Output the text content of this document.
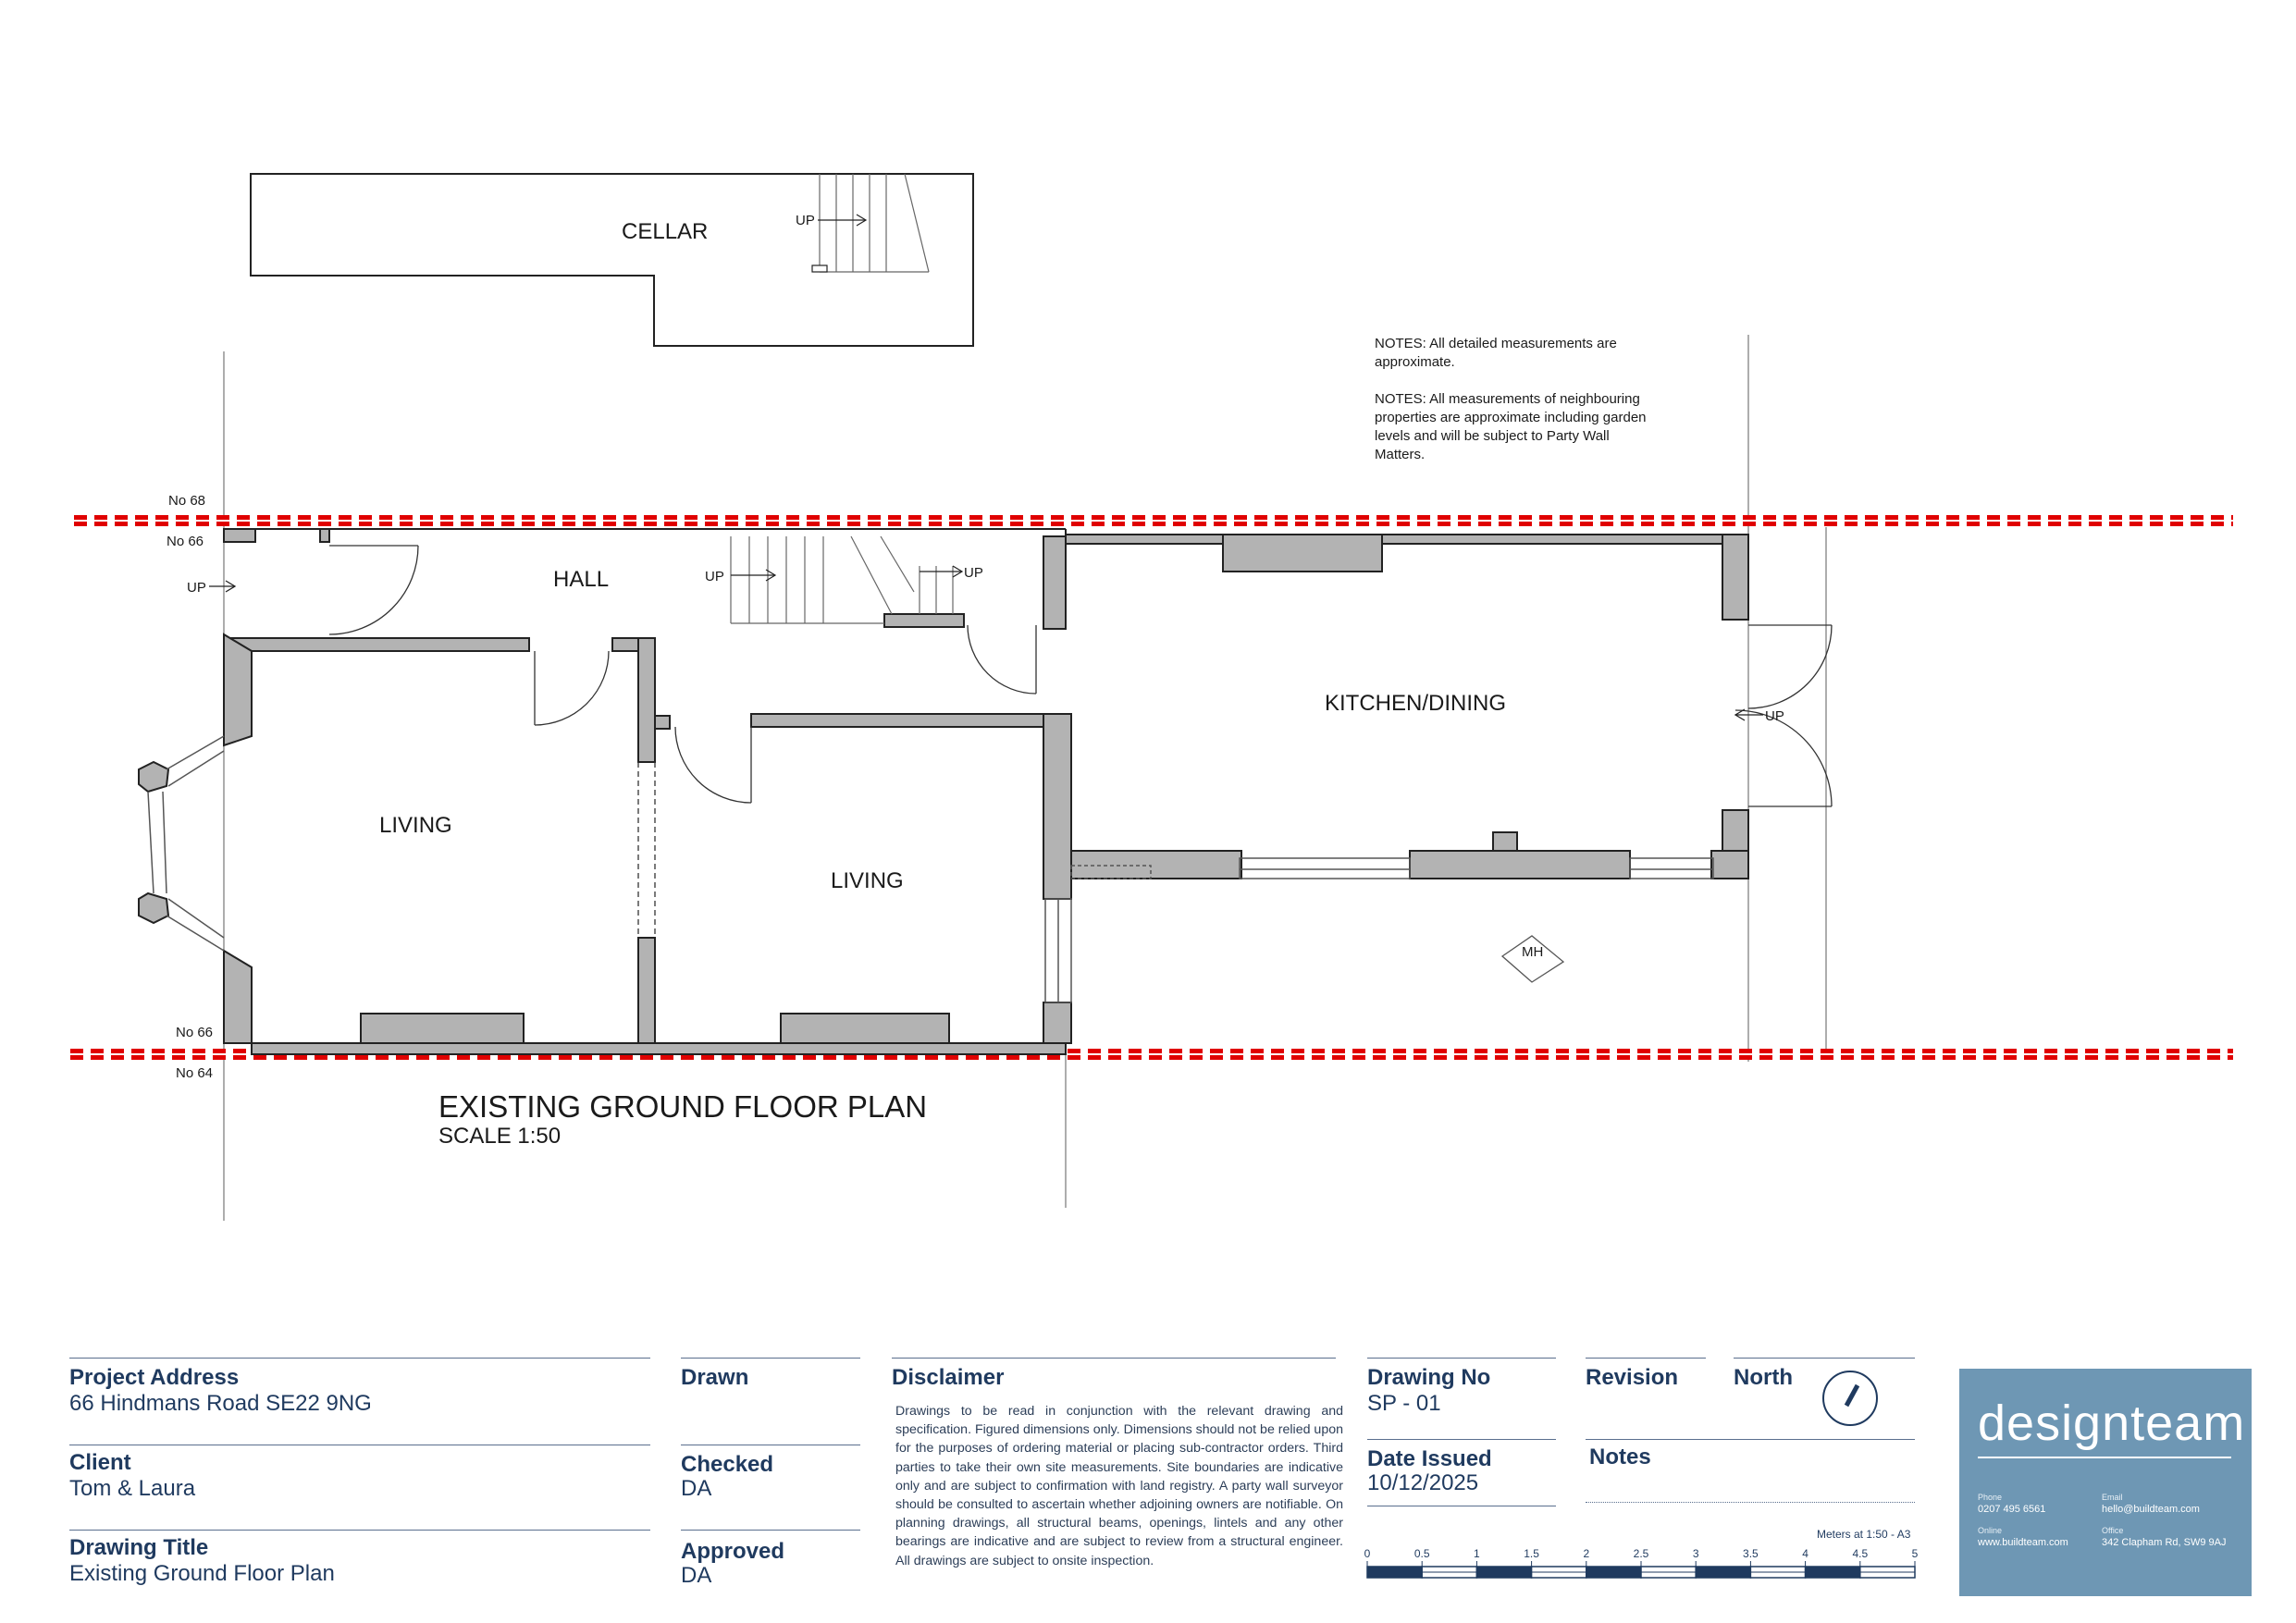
CELLAR	UP
No 68
No 66
No 66
No 64
MH
HALL
LIVING
LIVING
KITCHEN/DINING
UP
UP	UP
UP
NOTES: All detailed measurements are
approximate.
NOTES: All measurements of neighbouring
properties are approximate including garden
levels and will be subject to Party Wall
Matters.
EXISTING GROUND FLOOR PLAN
SCALE 1:50
Project Address
66 Hindmans Road SE22 9NG
Client
Tom & Laura
Drawing Title
Existing Ground Floor Plan
Drawn
Checked
DA
Approved
DA
Disclaimer
Drawings to be read in conjunction with the relevant drawing and specification. Figured dimensions only. Dimensions should not be relied upon for the purposes of ordering material or placing sub-contractor orders. Third parties to take their own site measurements. Site boundaries are indicative only and are subject to confirmation with land registry. A party wall surveyor should be consulted to ascertain whether adjoining owners are notifiable. On planning drawings, all structural beams, openings, lintels and any other bearings are indicative and are subject to review from a structural engineer. All drawings are subject to onsite inspection.
Drawing No
SP - 01
Date Issued
10/12/2025
Revision North
Notes
Meters at 1:50 - A3
0	0.5	1	1.5	2	2.5	3	3.5	4	4.5	5
designteam
Phone
0207 495 6561
Email
hello@buildteam.com
Online
www.buildteam.com
Office
342 Clapham Rd, SW9 9AJ
